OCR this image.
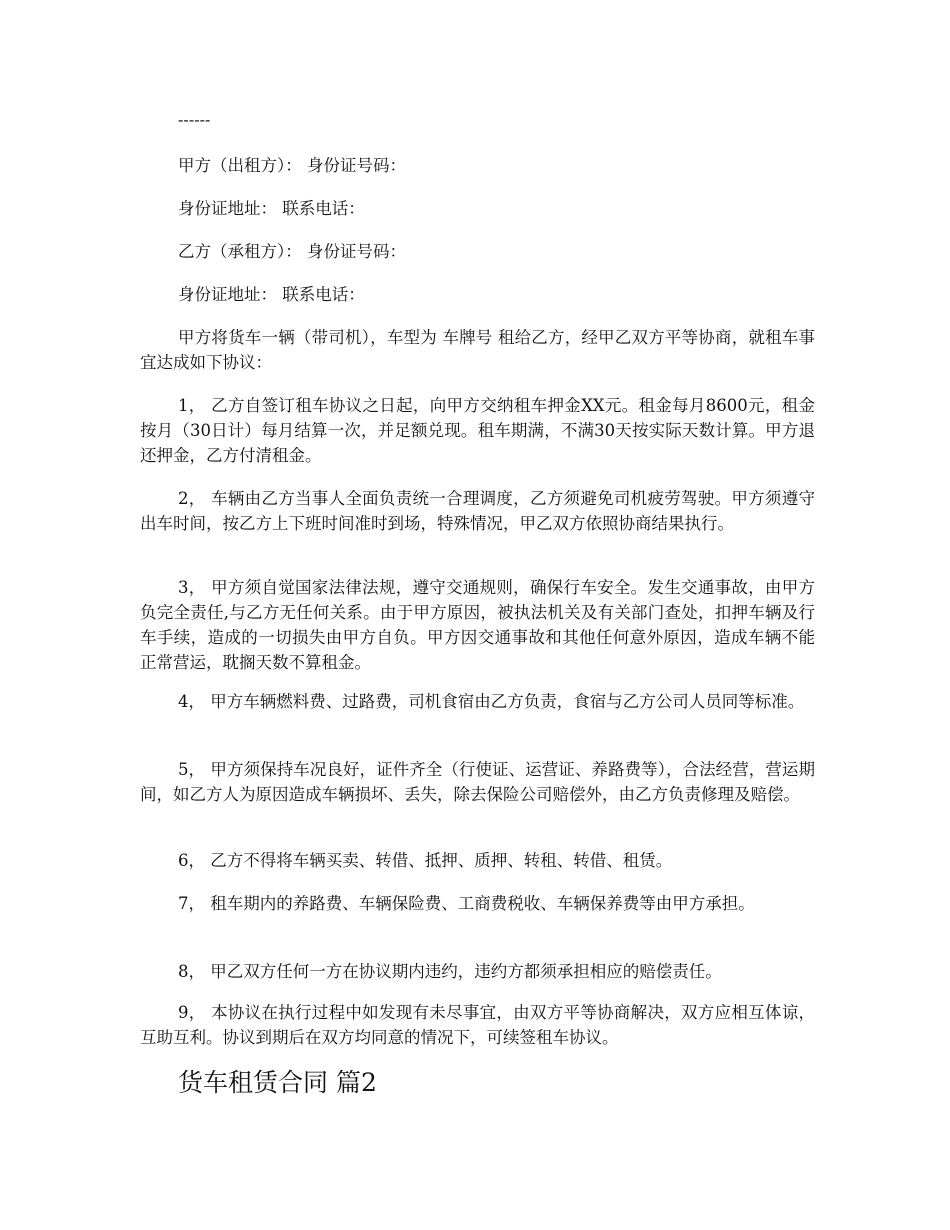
------

甲方（出租方）： 身份证号码：

身份证地址： 联系电话：

乙方（承租方）： 身份证号码：

身份证地址： 联系电话：

甲方将货车一辆（带司机），车型为 车牌号 租给乙方，经甲乙双方平等协商，就租车事宜达成如下协议：

1， 乙方自签订租车协议之日起，向甲方交纳租车押金XX元。租金每月8600元，租金按月（30日计）每月结算一次，并足额兑现。租车期满，不满30天按实际天数计算。甲方退还押金，乙方付清租金。

2， 车辆由乙方当事人全面负责统一合理调度，乙方须避免司机疲劳驾驶。甲方须遵守出车时间，按乙方上下班时间准时到场，特殊情况，甲乙双方依照协商结果执行。

3， 甲方须自觉国家法律法规，遵守交通规则，确保行车安全。发生交通事故，由甲方负完全责任,与乙方无任何关系。由于甲方原因，被执法机关及有关部门查处，扣押车辆及行车手续，造成的一切损失由甲方自负。甲方因交通事故和其他任何意外原因，造成车辆不能正常营运，耽搁天数不算租金。

4， 甲方车辆燃料费、过路费，司机食宿由乙方负责，食宿与乙方公司人员同等标准。

5， 甲方须保持车况良好，证件齐全（行使证、运营证、养路费等），合法经营，营运期间，如乙方人为原因造成车辆损坏、丢失，除去保险公司赔偿外，由乙方负责修理及赔偿。

6， 乙方不得将车辆买卖、转借、抵押、质押、转租、转借、租赁。

7， 租车期内的养路费、车辆保险费、工商费税收、车辆保养费等由甲方承担。

8， 甲乙双方任何一方在协议期内违约，违约方都须承担相应的赔偿责任。

9， 本协议在执行过程中如发现有未尽事宜，由双方平等协商解决，双方应相互体谅，互助互利。协议到期后在双方均同意的情况下，可续签租车协议。

货车租赁合同 篇2
